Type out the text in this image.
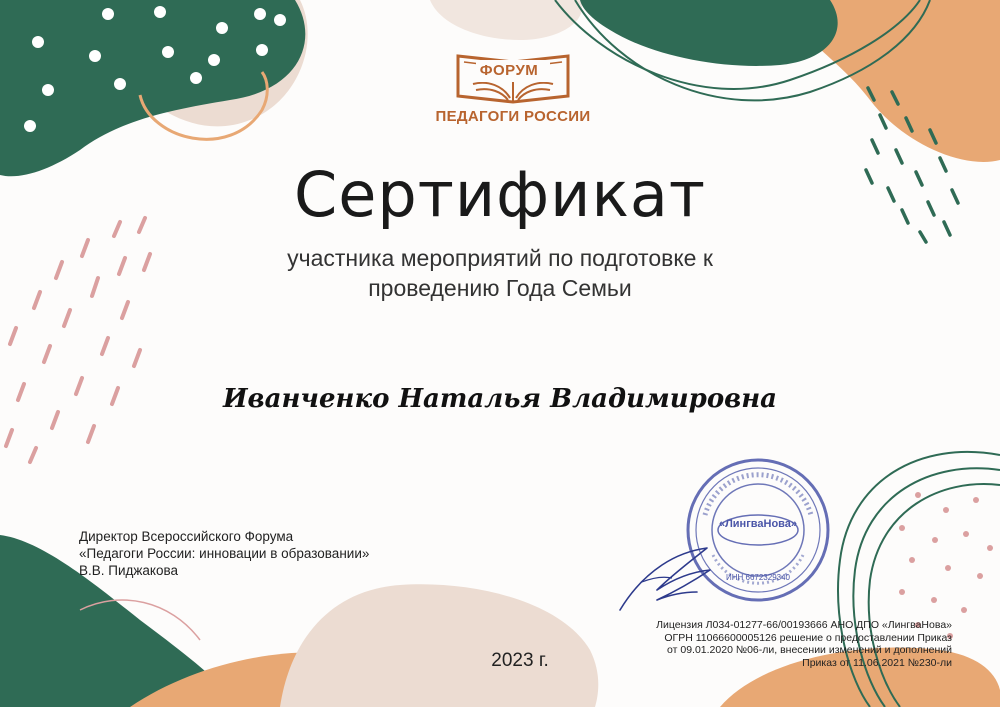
ФОРУМ
ПЕДАГОГИ РОССИИ
Сертификат
участника мероприятий по подготовке к
проведению Года Семьи
Иванченко Наталья Владимировна
Директор Всероссийского Форума
«Педагоги России: инновации в образовании»
В.В. Пиджакова
«ЛингваНова»
ИНН 6672329340
2023 г.
Лицензия Л034-01277-66/00193666 АНО ДПО «ЛингваНова»
ОГРН 11066600005126 решение о предоставлении Приказ
от 09.01.2020 №06-ли, внесении изменений и дополнений
Приказ от 11.06.2021 №230-ли
